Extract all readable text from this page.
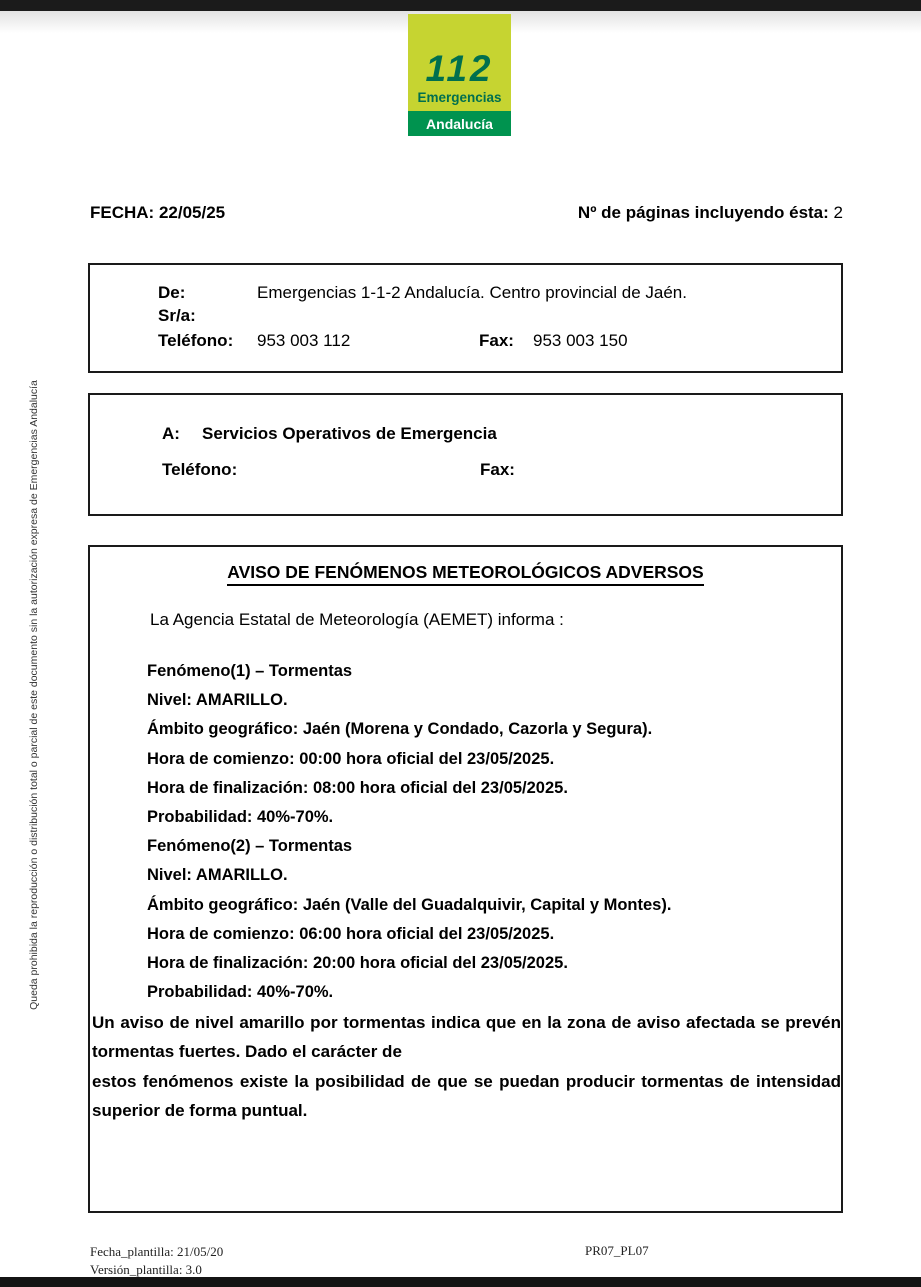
112
Emergencias
Andalucía
FECHA: 22/05/25	Nº de páginas incluyendo ésta: 2
De:	Emergencias 1-1-2 Andalucía. Centro provincial de Jaén.
Sr/a:
Teléfono: 953 003 112	Fax: 953 003 150
A: Servicios Operativos de Emergencia
Teléfono:	Fax:
AVISO DE FENÓMENOS METEOROLÓGICOS ADVERSOS
La Agencia Estatal de Meteorología (AEMET) informa :
Fenómeno(1) – Tormentas
Nivel: AMARILLO.
Ámbito geográfico: Jaén (Morena y Condado, Cazorla y Segura).
Hora de comienzo: 00:00 hora oficial del 23/05/2025.
Hora de finalización: 08:00 hora oficial del 23/05/2025.
Probabilidad: 40%-70%.
Fenómeno(2) – Tormentas
Nivel: AMARILLO.
Ámbito geográfico: Jaén (Valle del Guadalquivir, Capital y Montes).
Hora de comienzo: 06:00 hora oficial del 23/05/2025.
Hora de finalización: 20:00 hora oficial del 23/05/2025.
Probabilidad: 40%-70%.
Un aviso de nivel amarillo por tormentas indica que en la zona de aviso afectada se prevén
tormentas fuertes. Dado el carácter de
estos fenómenos existe la posibilidad de que se puedan producir tormentas de intensidad
superior de forma puntual.
Queda prohibida la reproducción o distribución total o parcial de este documento sin la autorización expresa de Emergencias Andalucía
Fecha_plantilla: 21/05/20
Versión_plantilla: 3.0
PR07_PL07
